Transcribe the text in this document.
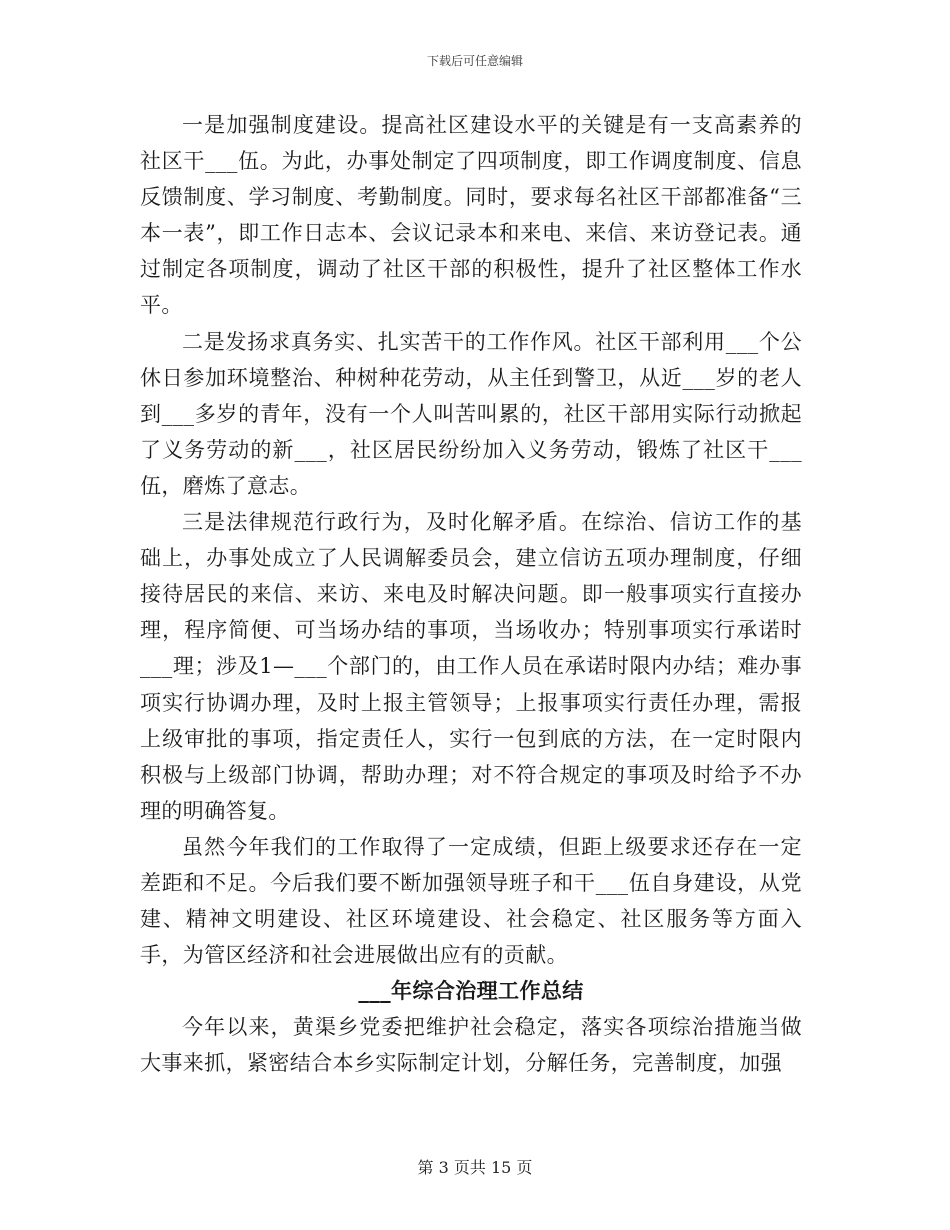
下载后可任意编辑

一是加强制度建设。提高社区建设水平的关键是有一支高素养的社区干___伍。为此，办事处制定了四项制度，即工作调度制度、信息反馈制度、学习制度、考勤制度。同时，要求每名社区干部都准备“三本一表”，即工作日志本、会议记录本和来电、来信、来访登记表。通过制定各项制度，调动了社区干部的积极性，提升了社区整体工作水平。

二是发扬求真务实、扎实苦干的工作作风。社区干部利用___个公休日参加环境整治、种树种花劳动，从主任到警卫，从近___岁的老人到___多岁的青年，没有一个人叫苦叫累的，社区干部用实际行动掀起了义务劳动的新___，社区居民纷纷加入义务劳动，锻炼了社区干___伍，磨炼了意志。

三是法律规范行政行为，及时化解矛盾。在综治、信访工作的基础上，办事处成立了人民调解委员会，建立信访五项办理制度，仔细接待居民的来信、来访、来电及时解决问题。即一般事项实行直接办理，程序简便、可当场办结的事项，当场收办；特别事项实行承诺时___理；涉及1—___个部门的，由工作人员在承诺时限内办结；难办事项实行协调办理，及时上报主管领导；上报事项实行责任办理，需报上级审批的事项，指定责任人，实行一包到底的方法，在一定时限内积极与上级部门协调，帮助办理；对不符合规定的事项及时给予不办理的明确答复。

虽然今年我们的工作取得了一定成绩，但距上级要求还存在一定差距和不足。今后我们要不断加强领导班子和干___伍自身建设，从党建、精神文明建设、社区环境建设、社会稳定、社区服务等方面入手，为管区经济和社会进展做出应有的贡献。

___年综合治理工作总结

今年以来，黄渠乡党委把维护社会稳定，落实各项综治措施当做大事来抓，紧密结合本乡实际制定计划，分解任务，完善制度，加强

第 3 页共 15 页
